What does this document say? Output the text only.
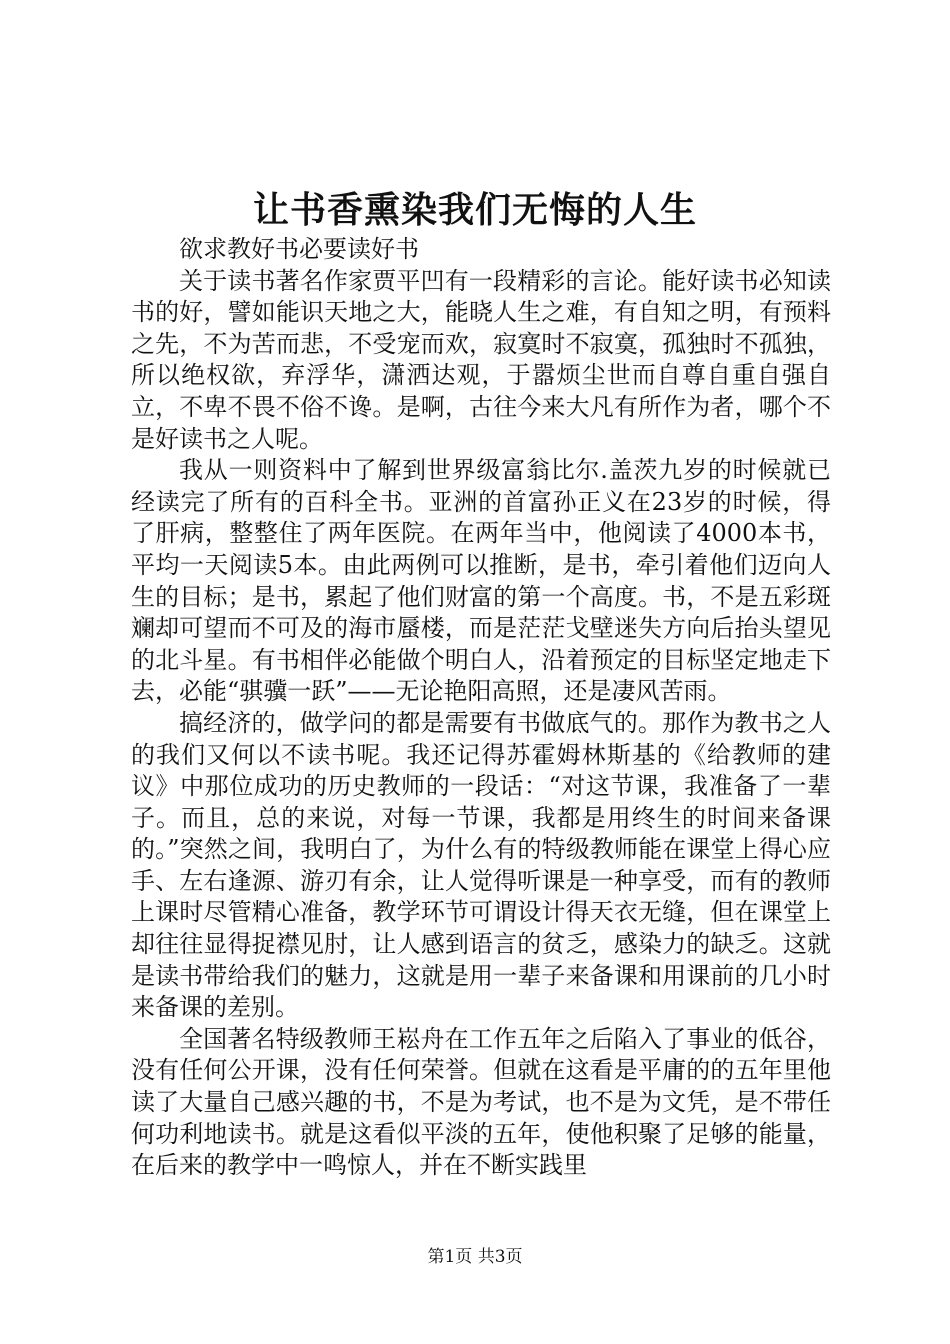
让书香熏染我们无悔的人生

欲求教好书必要读好书

关于读书著名作家贾平凹有一段精彩的言论。能好读书必知读书的好，譬如能识天地之大，能晓人生之难，有自知之明，有预料之先，不为苦而悲，不受宠而欢，寂寞时不寂寞，孤独时不孤独，所以绝权欲，弃浮华，潇洒达观，于嚣烦尘世而自尊自重自强自立，不卑不畏不俗不谗。是啊，古往今来大凡有所作为者，哪个不是好读书之人呢。

我从一则资料中了解到世界级富翁比尔.盖茨九岁的时候就已经读完了所有的百科全书。亚洲的首富孙正义在23岁的时候，得了肝病，整整住了两年医院。在两年当中，他阅读了4000本书，平均一天阅读5本。由此两例可以推断，是书，牵引着他们迈向人生的目标；是书，累起了他们财富的第一个高度。书，不是五彩斑斓却可望而不可及的海市蜃楼，而是茫茫戈壁迷失方向后抬头望见的北斗星。有书相伴必能做个明白人，沿着预定的目标坚定地走下去，必能“骐骥一跃”——无论艳阳高照，还是凄风苦雨。

搞经济的，做学问的都是需要有书做底气的。那作为教书之人的我们又何以不读书呢。我还记得苏霍姆林斯基的《给教师的建议》中那位成功的历史教师的一段话：“对这节课，我准备了一辈子。而且，总的来说，对每一节课，我都是用终生的时间来备课的。”突然之间，我明白了，为什么有的特级教师能在课堂上得心应手、左右逢源、游刃有余，让人觉得听课是一种享受，而有的教师上课时尽管精心准备，教学环节可谓设计得天衣无缝，但在课堂上却往往显得捉襟见肘，让人感到语言的贫乏，感染力的缺乏。这就是读书带给我们的魅力，这就是用一辈子来备课和用课前的几小时来备课的差别。

全国著名特级教师王崧舟在工作五年之后陷入了事业的低谷，没有任何公开课，没有任何荣誉。但就在这看是平庸的的五年里他读了大量自己感兴趣的书，不是为考试，也不是为文凭，是不带任何功利地读书。就是这看似平淡的五年，使他积聚了足够的能量，在后来的教学中一鸣惊人，并在不断实践里

第1页 共3页
